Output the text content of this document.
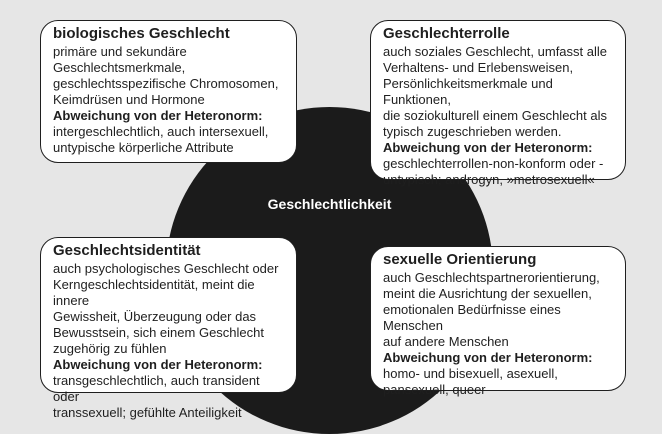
Geschlechtlichkeit
biologisches Geschlecht
primäre und sekundäre
Geschlechtsmerkmale,
geschlechtsspezifische Chromosomen,
Keimdrüsen und Hormone
Abweichung von der Heteronorm:
intergeschlechtlich, auch intersexuell,
untypische körperliche Attribute
Geschlechterrolle
auch soziales Geschlecht, umfasst alle
Verhaltens- und Erlebensweisen,
Persönlichkeitsmerkmale und Funktionen,
die soziokulturell einem Geschlecht als
typisch zugeschrieben werden.
Abweichung von der Heteronorm:
geschlechterrollen-non-konform oder -
untypisch; androgyn, »metrosexuell«
Geschlechtsidentität
auch psychologisches Geschlecht oder
Kerngeschlechtsidentität, meint die innere
Gewissheit, Überzeugung oder das
Bewusstsein, sich einem Geschlecht
zugehörig zu fühlen
Abweichung von der Heteronorm:
transgeschlechtlich, auch transident oder
transsexuell; gefühlte Anteiligkeit
sexuelle Orientierung
auch Geschlechtspartnerorientierung,
meint die Ausrichtung der sexuellen,
emotionalen Bedürfnisse eines Menschen
auf andere Menschen
Abweichung von der Heteronorm:
homo- und bisexuell, asexuell,
pansexuell, queer
